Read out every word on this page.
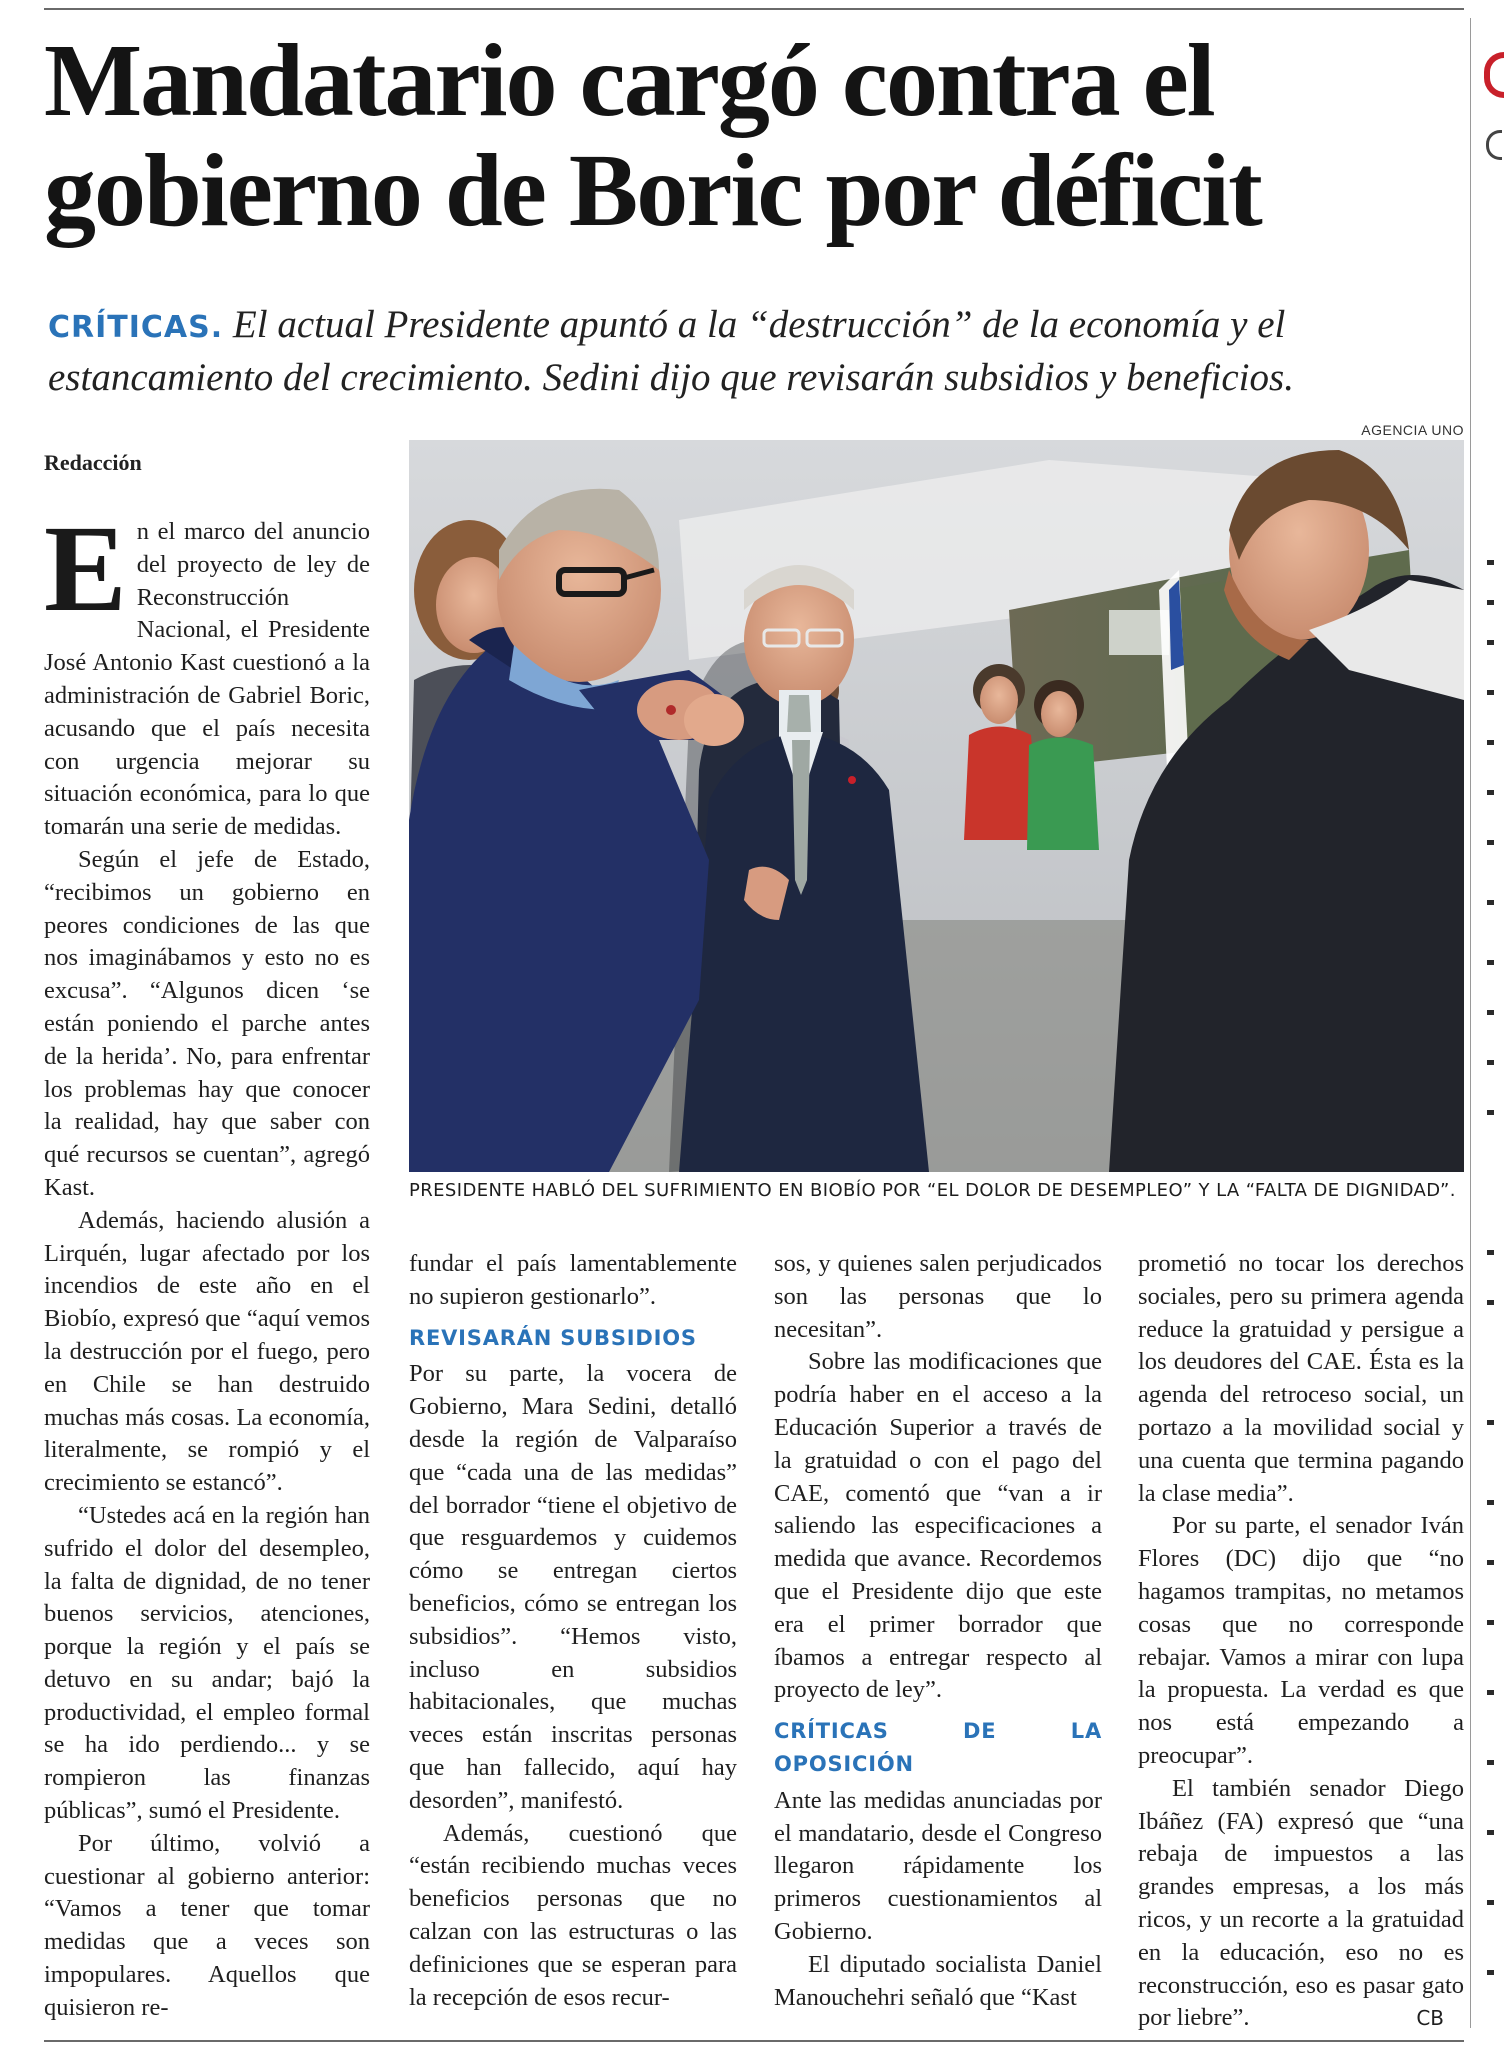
Mandatario cargó contra el
gobierno de Boric por déficit

CRÍTICAS. El actual Presidente apuntó a la “destrucción” de la economía y el estancamiento del crecimiento. Sedini dijo que revisarán subsidios y beneficios.

AGENCIA UNO
Redacción

PRESIDENTE HABLÓ DEL SUFRIMIENTO EN BIOBÍO POR “EL DOLOR DE DESEMPLEO” Y LA “FALTA DE DIGNIDAD”.

En el marco del anuncio del proyecto de ley de Reconstrucción Nacional, el Presidente José Antonio Kast cuestionó a la administración de Gabriel Boric, acusando que el país necesita con urgencia mejorar su situación económica, para lo que tomarán una serie de medidas.

Según el jefe de Estado, “recibimos un gobierno en peores condiciones de las que nos imaginábamos y esto no es excusa”. “Algunos dicen ‘se están poniendo el parche antes de la herida’. No, para enfrentar los problemas hay que conocer la realidad, hay que saber con qué recursos se cuentan”, agregó Kast.

Además, haciendo alusión a Lirquén, lugar afectado por los incendios de este año en el Biobío, expresó que “aquí vemos la destrucción por el fuego, pero en Chile se han destruido muchas más cosas. La economía, literalmente, se rompió y el crecimiento se estancó”.

“Ustedes acá en la región han sufrido el dolor del desempleo, la falta de dignidad, de no tener buenos servicios, atenciones, porque la región y el país se detuvo en su andar; bajó la productividad, el empleo formal se ha ido perdiendo... y se rompieron las finanzas públicas”, sumó el Presidente.

Por último, volvió a cuestionar al gobierno anterior: “Vamos a tener que tomar medidas que a veces son impopulares. Aquellos que quisieron re-

fundar el país lamentablemente no supieron gestionarlo”.

REVISARÁN SUBSIDIOS

Por su parte, la vocera de Gobierno, Mara Sedini, detalló desde la región de Valparaíso que “cada una de las medidas” del borrador “tiene el objetivo de que resguardemos y cuidemos cómo se entregan ciertos beneficios, cómo se entregan los subsidios”. “Hemos visto, incluso en subsidios habitacionales, que muchas veces están inscritas personas que han fallecido, aquí hay desorden”, manifestó.

Además, cuestionó que “están recibiendo muchas veces beneficios personas que no calzan con las estructuras o las definiciones que se esperan para la recepción de esos recur-

sos, y quienes salen perjudicados son las personas que lo necesitan”.

Sobre las modificaciones que podría haber en el acceso a la Educación Superior a través de la gratuidad o con el pago del CAE, comentó que “van a ir saliendo las especificaciones a medida que avance. Recordemos que el Presidente dijo que este era el primer borrador que íbamos a entregar respecto al proyecto de ley”.

CRÍTICAS DE LA OPOSICIÓN

Ante las medidas anunciadas por el mandatario, desde el Congreso llegaron rápidamente los primeros cuestionamientos al Gobierno.

El diputado socialista Daniel Manouchehri señaló que “Kast

prometió no tocar los derechos sociales, pero su primera agenda reduce la gratuidad y persigue a los deudores del CAE. Ésta es la agenda del retroceso social, un portazo a la movilidad social y una cuenta que termina pagando la clase media”.

Por su parte, el senador Iván Flores (DC) dijo que “no hagamos trampitas, no metamos cosas que no corresponde rebajar. Vamos a mirar con lupa la propuesta. La verdad es que nos está empezando a preocupar”.

El también senador Diego Ibáñez (FA) expresó que “una rebaja de impuestos a las grandes empresas, a los más ricos, y un recorte a la gratuidad en la educación, eso no es reconstrucción, eso es pasar gato por liebre”.	CB
